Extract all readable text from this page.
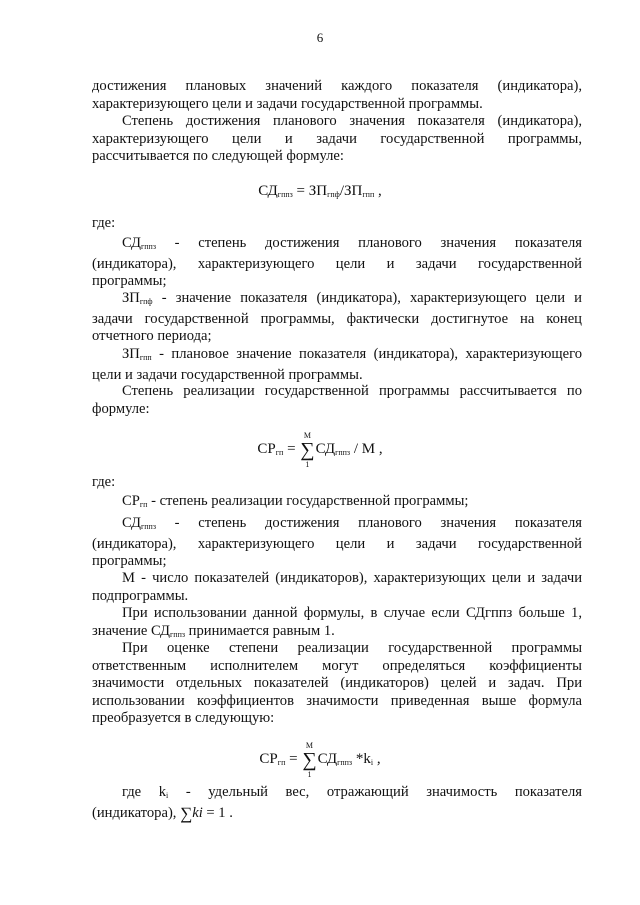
6
достижения плановых значений каждого показателя (индикатора),
характеризующего цели и задачи государственной программы.
Степень достижения планового значения показателя (индикатора),
характеризующего цели и задачи государственной программы,
рассчитывается по следующей формуле:
$СД_{гппз} = ЗП_{гпф}/ЗП_{гпп}$ ,
где:
$СД_{гппз}$ - степень достижения планового значения показателя
(индикатора), характеризующего цели и задачи государственной
программы;
$ЗП_{гпф}$ - значение показателя (индикатора), характеризующего цели и
задачи государственной программы, фактически достигнутое на конец
отчетного периода;
$ЗП_{гпп}$ - плановое значение показателя (индикатора), характеризующего
цели и задачи государственной программы.
Степень реализации государственной программы рассчитывается по
формуле:
$СР_{гп}$ =
M
∑
1
$СД_{гппз}$ / M ,
где:
$СР_{гп}$ - степень реализации государственной программы;
$СД_{гппз}$ - степень достижения планового значения показателя
(индикатора), характеризующего цели и задачи государственной
программы;
М - число показателей (индикаторов), характеризующих цели и задачи
подпрограммы.
При использовании данной формулы, в случае если СДгппз больше 1,
значение $СД_{гппз}$ принимается равным 1.
При оценке степени реализации государственной программы
ответственным исполнителем могут определяться коэффициенты
значимости отдельных показателей (индикаторов) целей и задач. При
использовании коэффициентов значимости приведенная выше формула
преобразуется в следующую:
$СР_{гп}$ =
M
∑
1
$СД_{гппз}$ $*k_i$ ,
где $k_i$ - удельный вес, отражающий значимость показателя
(индикатора), ∑ki = 1 .
